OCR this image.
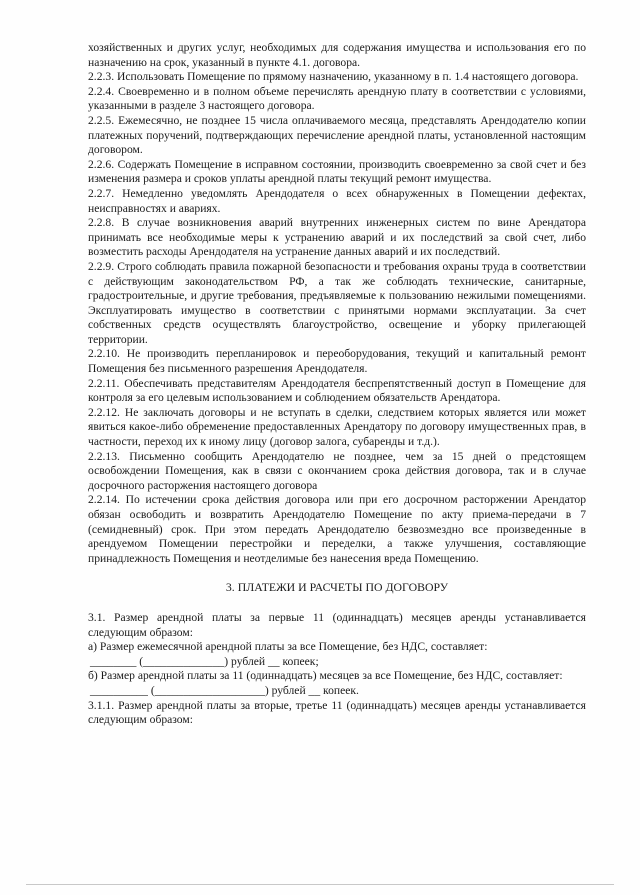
хозяйственных и других услуг, необходимых для содержания имущества и использования его по назначению на срок, указанный в пункте 4.1. договора.

2.2.3. Использовать Помещение по прямому назначению, указанному в п. 1.4 настоящего договора.

2.2.4. Своевременно и в полном объеме перечислять арендную плату в соответствии с условиями, указанными в разделе 3 настоящего договора.

2.2.5. Ежемесячно, не позднее 15 числа оплачиваемого месяца, представлять Арендодателю копии платежных поручений, подтверждающих перечисление арендной платы, установленной настоящим договором.

2.2.6. Содержать Помещение в исправном состоянии, производить своевременно за свой счет и без изменения размера и сроков уплаты арендной платы текущий ремонт имущества.

2.2.7. Немедленно уведомлять Арендодателя о всех обнаруженных в Помещении дефектах, неисправностях и авариях.

2.2.8. В случае возникновения аварий внутренних инженерных систем по вине Арендатора принимать все необходимые меры к устранению аварий и их последствий за свой счет, либо возместить расходы Арендодателя на устранение данных аварий и их последствий.

2.2.9. Строго соблюдать правила пожарной безопасности и требования охраны труда в соответствии с действующим законодательством РФ, а так же соблюдать технические, санитарные, градостроительные, и другие требования, предъявляемые к пользованию нежилыми помещениями. Эксплуатировать имущество в соответствии с принятыми нормами эксплуатации. За счет собственных средств осуществлять благоустройство, освещение и уборку прилегающей территории.

2.2.10. Не производить перепланировок и переоборудования, текущий и капитальный ремонт Помещения без письменного разрешения Арендодателя.

2.2.11. Обеспечивать представителям Арендодателя беспрепятственный доступ в Помещение для контроля за его целевым использованием и соблюдением обязательств Арендатора.

2.2.12. Не заключать договоры и не вступать в сделки, следствием которых является или может явиться какое-либо обременение предоставленных Арендатору по договору имущественных прав, в частности, переход их к иному лицу (договор залога, субаренды и т.д.).

2.2.13. Письменно сообщить Арендодателю не позднее, чем за 15 дней о предстоящем освобождении Помещения, как в связи с окончанием срока действия договора, так и в случае досрочного расторжения настоящего договора

2.2.14. По истечении срока действия договора или при его досрочном расторжении Арендатор обязан освободить и возвратить Арендодателю Помещение по акту приема-передачи в 7 (семидневный) срок. При этом передать Арендодателю безвозмездно все произведенные в арендуемом Помещении перестройки и переделки, а также улучшения, составляющие принадлежность Помещения и неотделимые без нанесения вреда Помещению.

3. ПЛАТЕЖИ И РАСЧЕТЫ ПО ДОГОВОРУ

3.1. Размер арендной платы за первые 11 (одиннадцать) месяцев аренды устанавливается следующим образом:

а) Размер ежемесячной арендной платы за все Помещение, без НДС, составляет:

________ (______________) рублей __ копеек;

б) Размер арендной платы за 11 (одиннадцать) месяцев за все Помещение, без НДС, составляет:

__________ (___________________) рублей __ копеек.

3.1.1. Размер арендной платы за вторые, третье 11 (одиннадцать) месяцев аренды устанавливается следующим образом:
